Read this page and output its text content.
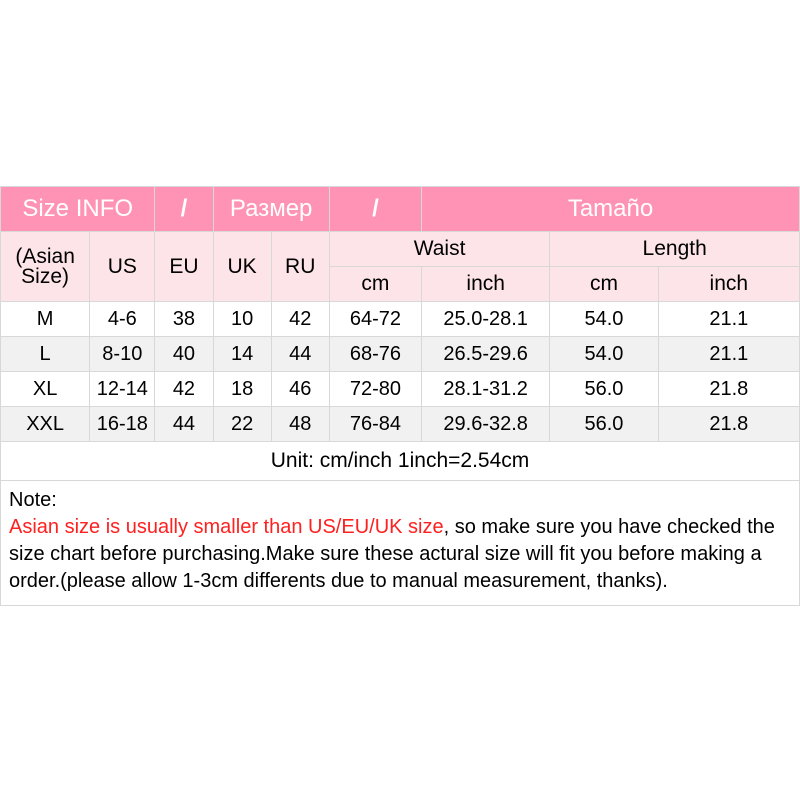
Size INFO		/	Размер		/	Tamaño		

(Asian
Size)	US	EU	UK	RU	Waist		Length	
					cm	inch	cm	inch
M	4-6	38	10	42	64-72	25.0-28.1	54.0	21.1
L	8-10	40	14	44	68-76	26.5-29.6	54.0	21.1
XL	12-14	42	18	46	72-80	28.1-31.2	56.0	21.8
XXL	16-18	44	22	48	76-84	29.6-32.8	56.0	21.8
Unit: cm/inch 1inch=2.54cm								
Note:
Asian size is usually smaller than US/EU/UK size, so make sure you have checked the size chart before purchasing.Make sure these actural size will fit you before making a order.(please allow 1-3cm differents due to manual measurement, thanks).
